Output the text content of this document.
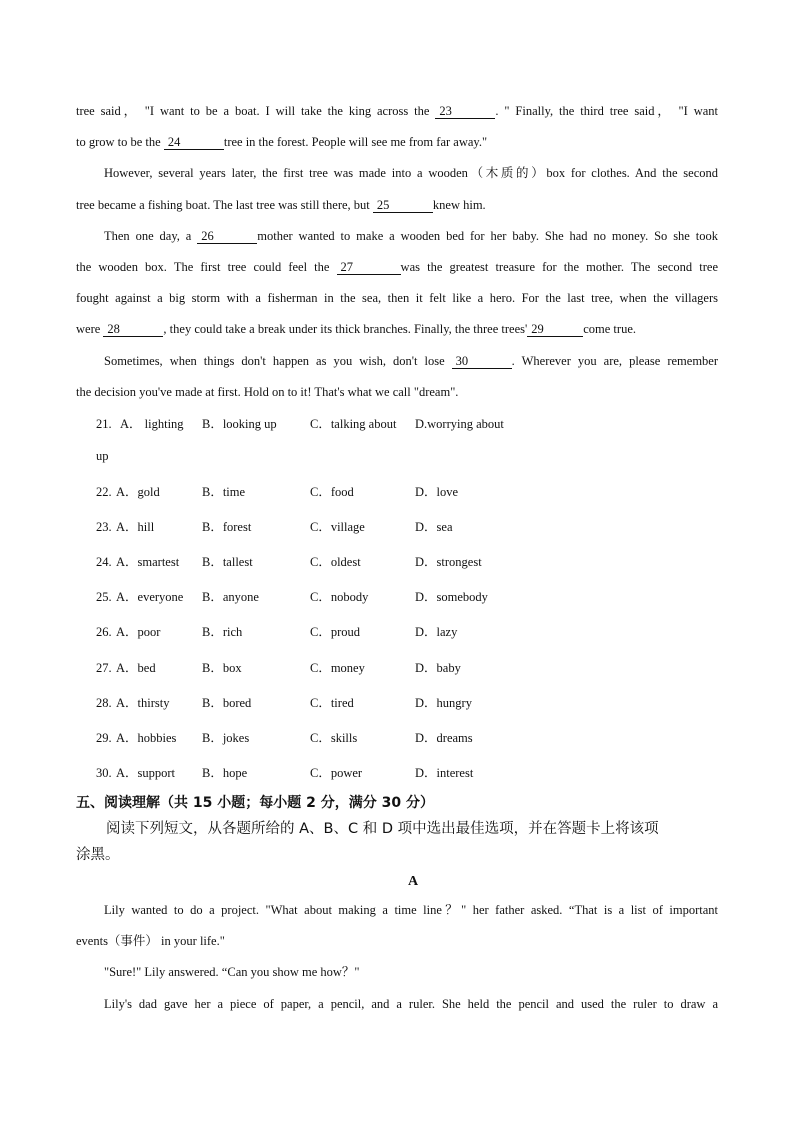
tree said， "I want to be a boat. I will take the king across the 23	. " Finally, the third tree said， "I want
to grow to be the 24	tree in the forest. People will see me from far away."
However, several years later, the first tree was made into a wooden（木质的）box for clothes. And the second
tree became a fishing boat. The last tree was still there, but 25	knew him.
Then one day, a 26	mother wanted to make a wooden bed for her baby. She had no money. So she took
the wooden box. The first tree could feel the 27	was the greatest treasure for the mother. The second tree
fought against a big storm with a fisherman in the sea, then it felt like a hero. For the last tree, when the villagers
were 28	, they could take a break under its thick branches. Finally, the three trees' 29	come true.
Sometimes, when things don't happen as you wish, don't lose 30	. Wherever you are, please remember
the decision you've made at first. Hold on to it! That's what we call "dream".
21. A． lighting B．looking up	C．talking about D.worrying about
up
22. A．gold	B．time	C．food	D．love
23. A．hill	B．forest	C．village	D．sea
24. A．smartest B．tallest	C．oldest	D．strongest
25. A．everyone B．anyone	C．nobody	D．somebody
26. A．poor	B．rich	C．proud	D．lazy
27. A．bed	B．box	C．money	D．baby
28. A．thirsty	B．bored	C．tired	D．hungry
29. A．hobbies B．jokes	C．skills	D．dreams
30. A．support B．hope	C．power	D．interest
五、阅读理解（共 15 小题；每小题 2 分，满分 30 分）
阅读下列短文，从各题所给的 A、B、C 和 D 项中选出最佳选项，并在答题卡上将该项
涂黑。
A
Lily wanted to do a project. "What about making a time line？" her father asked. “That is a list of important
events（事件） in your life."
"Sure!" Lily answered. “Can you show me how？"
Lily's dad gave her a piece of paper, a pencil, and a ruler. She held the pencil and used the ruler to draw a
